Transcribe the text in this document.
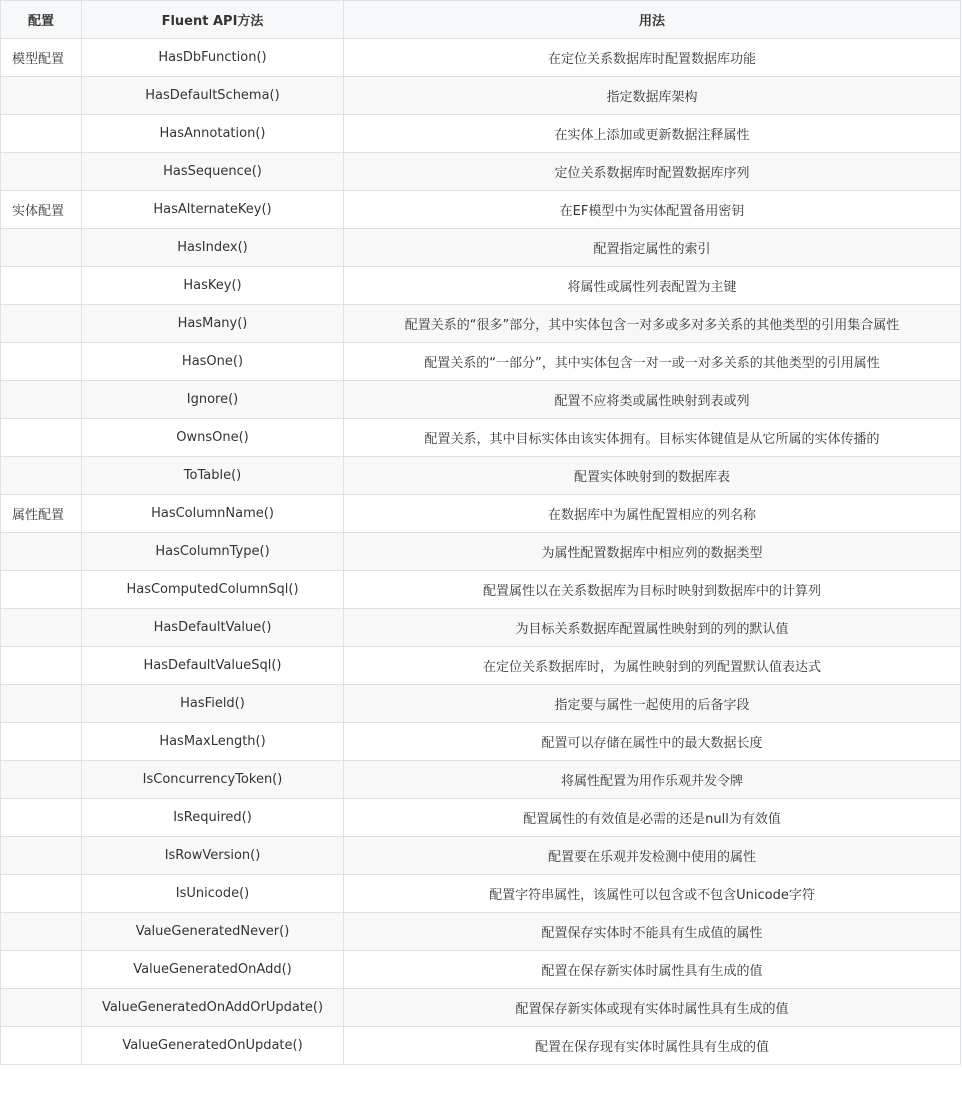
配置	Fluent API方法	用法
模型配置	HasDbFunction()	在定位关系数据库时配置数据库功能
	HasDefaultSchema()	指定数据库架构
	HasAnnotation()	在实体上添加或更新数据注释属性
	HasSequence()	定位关系数据库时配置数据库序列
实体配置	HasAlternateKey()	在EF模型中为实体配置备用密钥
	HasIndex()	配置指定属性的索引
	HasKey()	将属性或属性列表配置为主键
	HasMany()	配置关系的“很多”部分，其中实体包含一对多或多对多关系的其他类型的引用集合属性
	HasOne()	配置关系的“一部分”，其中实体包含一对一或一对多关系的其他类型的引用属性
	Ignore()	配置不应将类或属性映射到表或列
	OwnsOne()	配置关系，其中目标实体由该实体拥有。目标实体键值是从它所属的实体传播的
	ToTable()	配置实体映射到的数据库表
属性配置	HasColumnName()	在数据库中为属性配置相应的列名称
	HasColumnType()	为属性配置数据库中相应列的数据类型
	HasComputedColumnSql()	配置属性以在关系数据库为目标时映射到数据库中的计算列
	HasDefaultValue()	为目标关系数据库配置属性映射到的列的默认值
	HasDefaultValueSql()	在定位关系数据库时，为属性映射到的列配置默认值表达式
	HasField()	指定要与属性一起使用的后备字段
	HasMaxLength()	配置可以存储在属性中的最大数据长度
	IsConcurrencyToken()	将属性配置为用作乐观并发令牌
	IsRequired()	配置属性的有效值是必需的还是null为有效值
	IsRowVersion()	配置要在乐观并发检测中使用的属性
	IsUnicode()	配置字符串属性，该属性可以包含或不包含Unicode字符
	ValueGeneratedNever()	配置保存实体时不能具有生成值的属性
	ValueGeneratedOnAdd()	配置在保存新实体时属性具有生成的值
	ValueGeneratedOnAddOrUpdate()	配置保存新实体或现有实体时属性具有生成的值
	ValueGeneratedOnUpdate()	配置在保存现有实体时属性具有生成的值
